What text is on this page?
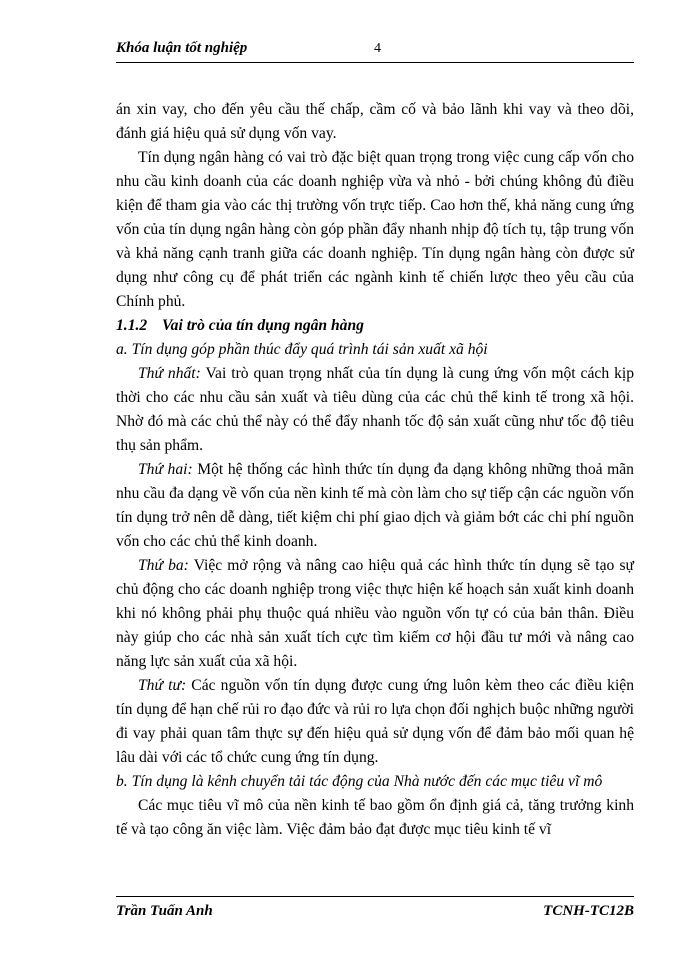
Khóa luận tốt nghiệp	4

án xin vay, cho đến yêu cầu thế chấp, cầm cố và bảo lãnh khi vay và theo dõi, đánh giá hiệu quả sử dụng vốn vay.

Tín dụng ngân hàng có vai trò đặc biệt quan trọng trong việc cung cấp vốn cho nhu cầu kinh doanh của các doanh nghiệp vừa và nhỏ - bởi chúng không đủ điều kiện để tham gia vào các thị trường vốn trực tiếp. Cao hơn thế, khả năng cung ứng vốn của tín dụng ngân hàng còn góp phần đẩy nhanh nhịp độ tích tụ, tập trung vốn và khả năng cạnh tranh giữa các doanh nghiệp. Tín dụng ngân hàng còn được sử dụng như công cụ để phát triển các ngành kinh tế chiến lược theo yêu cầu của Chính phủ.

1.1.2 Vai trò của tín dụng ngân hàng

a. Tín dụng góp phần thúc đẩy quá trình tái sản xuất xã hội

Thứ nhất: Vai trò quan trọng nhất của tín dụng là cung ứng vốn một cách kịp thời cho các nhu cầu sản xuất và tiêu dùng của các chủ thể kinh tế trong xã hội. Nhờ đó mà các chủ thể này có thể đẩy nhanh tốc độ sản xuất cũng như tốc độ tiêu thụ sản phẩm.

Thứ hai: Một hệ thống các hình thức tín dụng đa dạng không những thoả mãn nhu cầu đa dạng về vốn của nền kinh tế mà còn làm cho sự tiếp cận các nguồn vốn tín dụng trở nên dễ dàng, tiết kiệm chi phí giao dịch và giảm bớt các chi phí nguồn vốn cho các chủ thể kinh doanh.

Thứ ba: Việc mở rộng và nâng cao hiệu quả các hình thức tín dụng sẽ tạo sự chủ động cho các doanh nghiệp trong việc thực hiện kế hoạch sản xuất kinh doanh khi nó không phải phụ thuộc quá nhiều vào nguồn vốn tự có của bản thân. Điều này giúp cho các nhà sản xuất tích cực tìm kiếm cơ hội đầu tư mới và nâng cao năng lực sản xuất của xã hội.

Thứ tư: Các nguồn vốn tín dụng được cung ứng luôn kèm theo các điều kiện tín dụng để hạn chế rủi ro đạo đức và rủi ro lựa chọn đối nghịch buộc những người đi vay phải quan tâm thực sự đến hiệu quả sử dụng vốn để đảm bảo mối quan hệ lâu dài với các tổ chức cung ứng tín dụng.

b. Tín dụng là kênh chuyển tải tác động của Nhà nước đến các mục tiêu vĩ mô

Các mục tiêu vĩ mô của nền kinh tế bao gồm ổn định giá cả, tăng trưởng kinh tế và tạo công ăn việc làm. Việc đảm bảo đạt được mục tiêu kinh tế vĩ

Trần Tuấn Anh	TCNH-TC12B
